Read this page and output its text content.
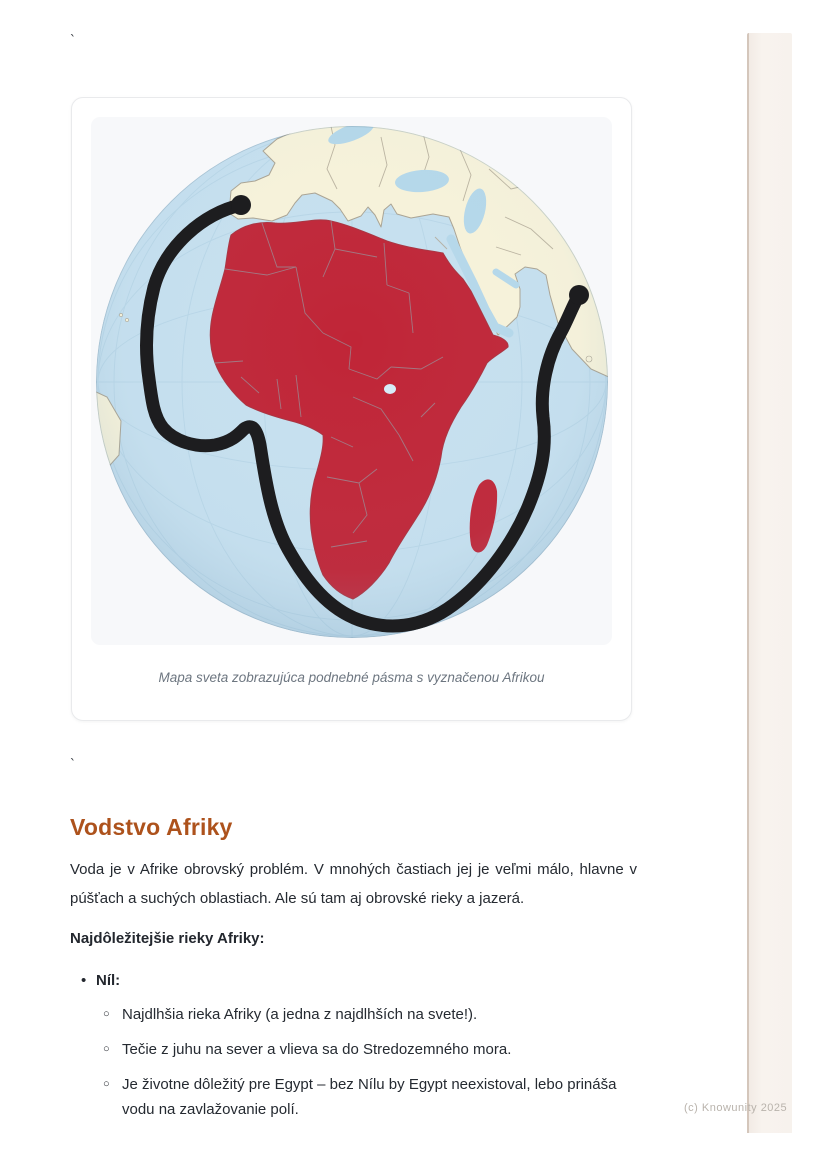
`
Mapa sveta zobrazujúca podnebné pásma s vyznačenou Afrikou
`
Vodstvo Afriky

Voda je v Afrike obrovský problém. V mnohých častiach jej je veľmi málo, hlavne v púšťach a suchých oblastiach. Ale sú tam aj obrovské rieky a jazerá.

Najdôležitejšie rieky Afriky:
• Níl:
○ Najdlhšia rieka Afriky (a jedna z najdlhších na svete!).
○ Tečie z juhu na sever a vlieva sa do Stredozemného mora.
○ Je životne dôležitý pre Egypt – bez Nílu by Egypt neexistoval, lebo prináša vodu na zavlažovanie polí.	(c) Knowunity 2025
